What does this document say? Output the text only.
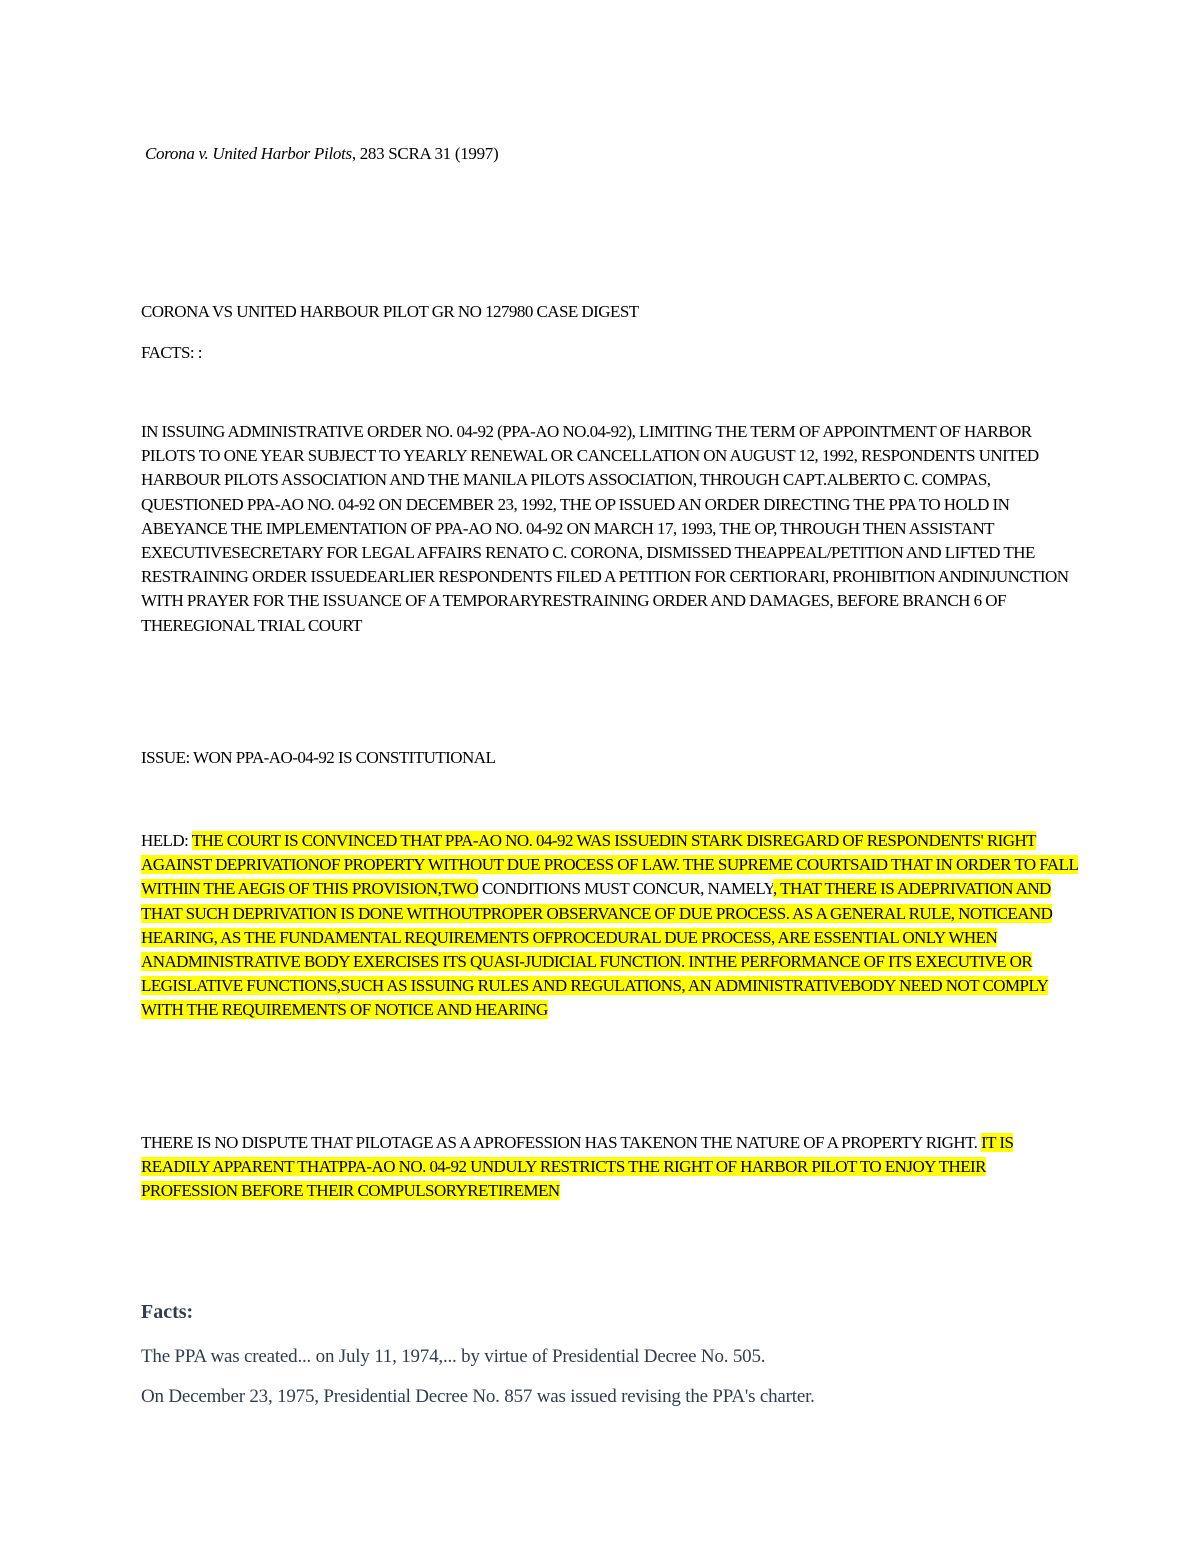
Corona v. United Harbor Pilots, 283 SCRA 31 (1997)

CORONA VS UNITED HARBOUR PILOT GR NO 127980 CASE DIGEST

FACTS: :

IN ISSUING ADMINISTRATIVE ORDER NO. 04-92 (PPA-AO NO.04-92), LIMITING THE TERM OF APPOINTMENT OF HARBOR PILOTS TO ONE YEAR SUBJECT TO YEARLY RENEWAL OR CANCELLATION ON AUGUST 12, 1992, RESPONDENTS UNITED HARBOUR PILOTS ASSOCIATION AND THE MANILA PILOTS ASSOCIATION, THROUGH CAPT.ALBERTO C. COMPAS, QUESTIONED PPA-AO NO. 04-92 ON DECEMBER 23, 1992, THE OP ISSUED AN ORDER DIRECTING THE PPA TO HOLD IN ABEYANCE THE IMPLEMENTATION OF PPA-AO NO. 04-92 ON MARCH 17, 1993, THE OP, THROUGH THEN ASSISTANT EXECUTIVESECRETARY FOR LEGAL AFFAIRS RENATO C. CORONA, DISMISSED THEAPPEAL/PETITION AND LIFTED THE RESTRAINING ORDER ISSUEDEARLIER RESPONDENTS FILED A PETITION FOR CERTIORARI, PROHIBITION ANDINJUNCTION WITH PRAYER FOR THE ISSUANCE OF A TEMPORARYRESTRAINING ORDER AND DAMAGES, BEFORE BRANCH 6 OF THEREGIONAL TRIAL COURT

ISSUE: WON PPA-AO-04-92 IS CONSTITUTIONAL

HELD: THE COURT IS CONVINCED THAT PPA-AO NO. 04-92 WAS ISSUEDIN STARK DISREGARD OF RESPONDENTS' RIGHT AGAINST DEPRIVATIONOF PROPERTY WITHOUT DUE PROCESS OF LAW. THE SUPREME COURTSAID THAT IN ORDER TO FALL WITHIN THE AEGIS OF THIS PROVISION,TWO CONDITIONS MUST CONCUR, NAMELY, THAT THERE IS ADEPRIVATION AND THAT SUCH DEPRIVATION IS DONE WITHOUTPROPER OBSERVANCE OF DUE PROCESS. AS A GENERAL RULE, NOTICEAND HEARING, AS THE FUNDAMENTAL REQUIREMENTS OFPROCEDURAL DUE PROCESS, ARE ESSENTIAL ONLY WHEN ANADMINISTRATIVE BODY EXERCISES ITS QUASI-JUDICIAL FUNCTION. INTHE PERFORMANCE OF ITS EXECUTIVE OR LEGISLATIVE FUNCTIONS,SUCH AS ISSUING RULES AND REGULATIONS, AN ADMINISTRATIVEBODY NEED NOT COMPLY WITH THE REQUIREMENTS OF NOTICE AND HEARING

THERE IS NO DISPUTE THAT PILOTAGE AS A APROFESSION HAS TAKENON THE NATURE OF A PROPERTY RIGHT. IT IS READILY APPARENT THATPPA-AO NO. 04-92 UNDULY RESTRICTS THE RIGHT OF HARBOR PILOT TO ENJOY THEIR PROFESSION BEFORE THEIR COMPULSORYRETIREMEN

Facts:

The PPA was created... on July 11, 1974,... by virtue of Presidential Decree No. 505.

On December 23, 1975, Presidential Decree No. 857 was issued revising the PPA's charter.
